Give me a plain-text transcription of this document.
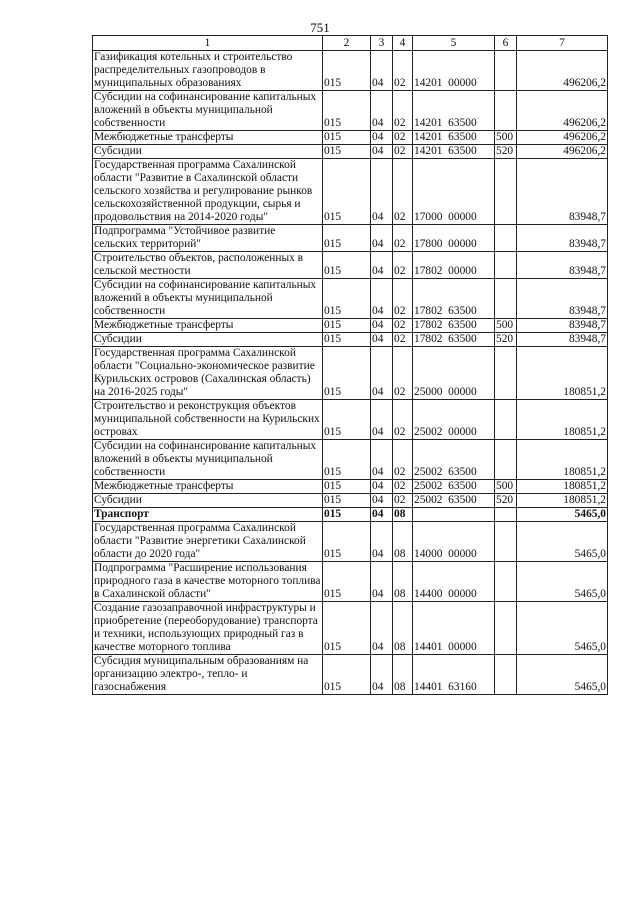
751
1	2	3	4	5	6	7
Газификация котельных и строительство распределительных газопроводов в муниципальных образованиях	015	04	02	14201  00000		496206,2
Субсидии на софинансирование капитальных вложений в объекты муниципальной собственности	015	04	02	14201  63500		496206,2
Межбюджетные трансферты	015	04	02	14201  63500	500	496206,2
Субсидии	015	04	02	14201  63500	520	496206,2
Государственная программа Сахалинской области "Развитие в Сахалинской области сельского хозяйства и регулирование рынков сельскохозяйственной продукции, сырья и продовольствия на 2014-2020 годы"	015	04	02	17000  00000		83948,7
Подпрограмма "Устойчивое развитие сельских территорий"	015	04	02	17800  00000		83948,7
Строительство объектов, расположенных в сельской местности	015	04	02	17802  00000		83948,7
Субсидии на софинансирование капитальных вложений в объекты муниципальной собственности	015	04	02	17802  63500		83948,7
Межбюджетные трансферты	015	04	02	17802  63500	500	83948,7
Субсидии	015	04	02	17802  63500	520	83948,7
Государственная программа Сахалинской области "Социально-экономическое развитие Курильских островов (Сахалинская область) на 2016-2025 годы"	015	04	02	25000  00000		180851,2
Строительство и реконструкция объектов муниципальной собственности на Курильских островах	015	04	02	25002  00000		180851,2
Субсидии на софинансирование капитальных вложений в объекты муниципальной собственности	015	04	02	25002  63500		180851,2
Межбюджетные трансферты	015	04	02	25002  63500	500	180851,2
Субсидии	015	04	02	25002  63500	520	180851,2
Транспорт	015	04	08			5465,0
Государственная программа Сахалинской области "Развитие энергетики Сахалинской области до 2020 года"	015	04	08	14000  00000		5465,0
Подпрограмма "Расширение использования природного газа в качестве моторного топлива в Сахалинской области"	015	04	08	14400  00000		5465,0
Создание газозаправочной инфраструктуры и приобретение (переоборудование) транспорта и техники, использующих природный газ в качестве моторного топлива	015	04	08	14401  00000		5465,0
Субсидия муниципальным образованиям на организацию электро-, тепло- и газоснабжения	015	04	08	14401  63160		5465,0
